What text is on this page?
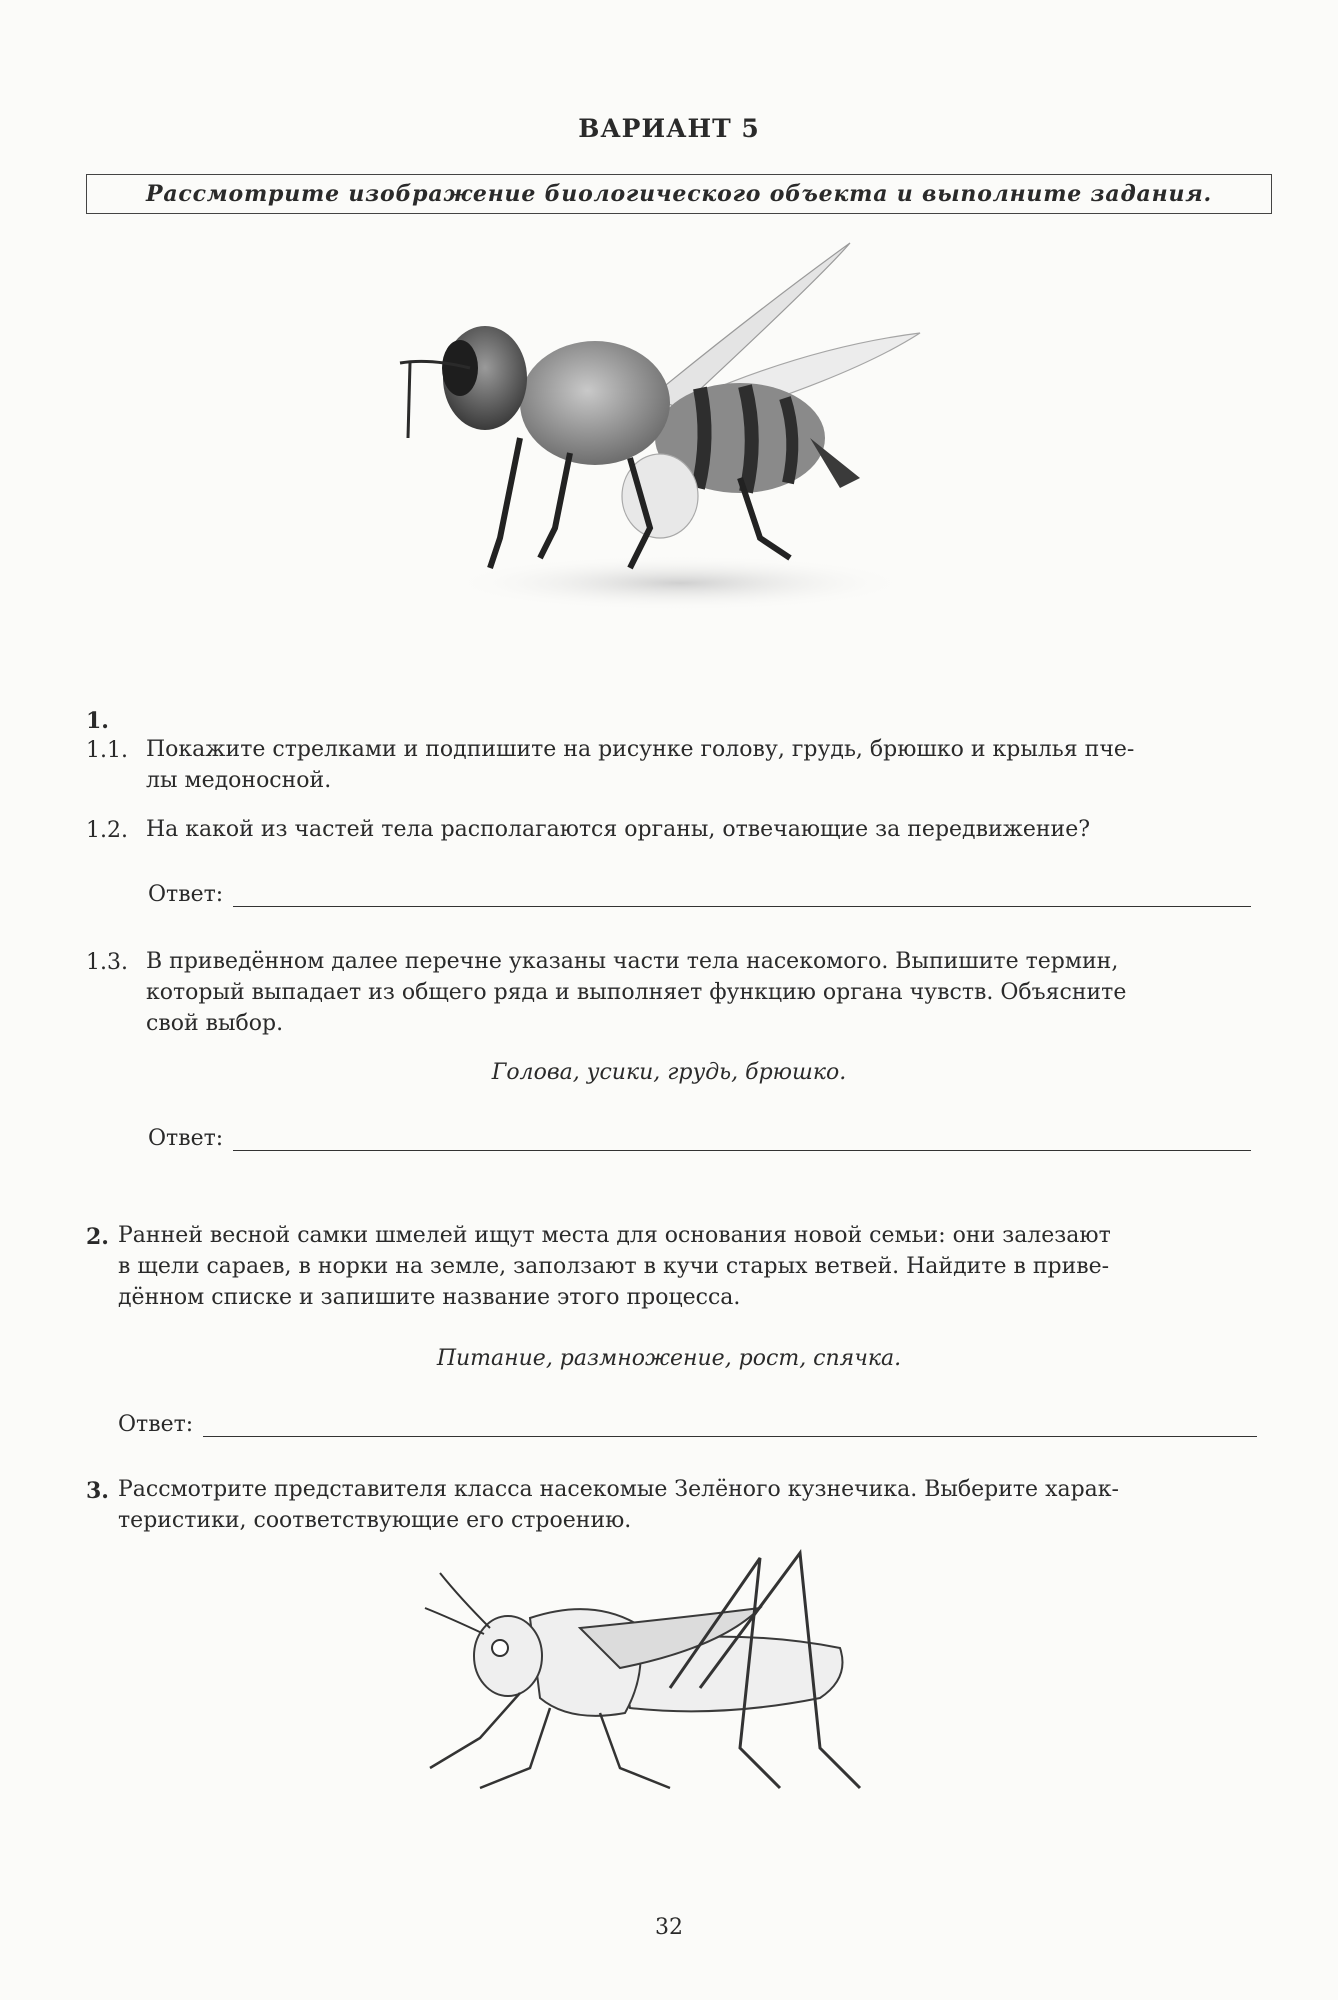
ВАРИАНТ 5
Рассмотрите изображение биологического объекта и выполните задания.
1.
1.1. Покажите стрелками и подпишите на рисунке голову, грудь, брюшко и крылья пче-
лы медоносной.
1.2. На какой из частей тела располагаются органы, отвечающие за передвижение?
Ответ:
1.3. В приведённом далее перечне указаны части тела насекомого. Выпишите термин,
который выпадает из общего ряда и выполняет функцию органа чувств. Объясните
свой выбор.
Голова, усики, грудь, брюшко.
Ответ:
2. Ранней весной самки шмелей ищут места для основания новой семьи: они залезают
в щели сараев, в норки на земле, заползают в кучи старых ветвей. Найдите в приве-
дённом списке и запишите название этого процесса.
Питание, размножение, рост, спячка.
Ответ:
3. Рассмотрите представителя класса насекомые Зелёного кузнечика. Выберите харак-
теристики, соответствующие его строению.
32
